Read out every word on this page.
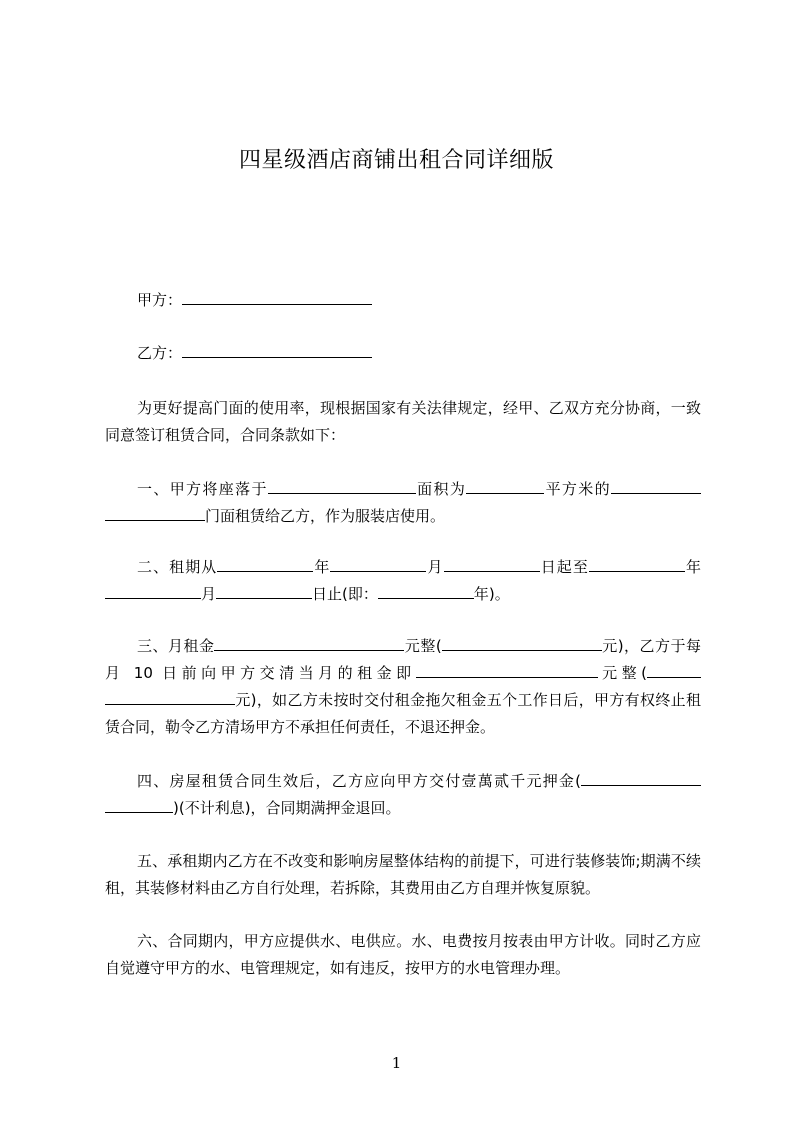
四星级酒店商铺出租合同详细版

甲方：

乙方：

为更好提高门面的使用率，现根据国家有关法律规定，经甲、乙双方充分协商，一致同意签订租赁合同，合同条款如下：

一、甲方将座落于	面积为	平方米的门面租赁给乙方，作为服装店使用。

二、租期从	年	月	日起至	年月	日止(即：	年)。

三、月租金	元整(	元)，乙方于每月 10 日前向甲方交清当月的租金即	元整(元)，如乙方未按时交付租金拖欠租金五个工作日后，甲方有权终止租赁合同，勒令乙方清场甲方不承担任何责任，不退还押金。

四、房屋租赁合同生效后，乙方应向甲方交付壹萬贰千元押金()(不计利息)，合同期满押金退回。

五、承租期内乙方在不改变和影响房屋整体结构的前提下，可进行装修装饰;期满不续租，其装修材料由乙方自行处理，若拆除，其费用由乙方自理并恢复原貌。

六、合同期内，甲方应提供水、电供应。水、电费按月按表由甲方计收。同时乙方应自觉遵守甲方的水、电管理规定，如有违反，按甲方的水电管理办理。

1
